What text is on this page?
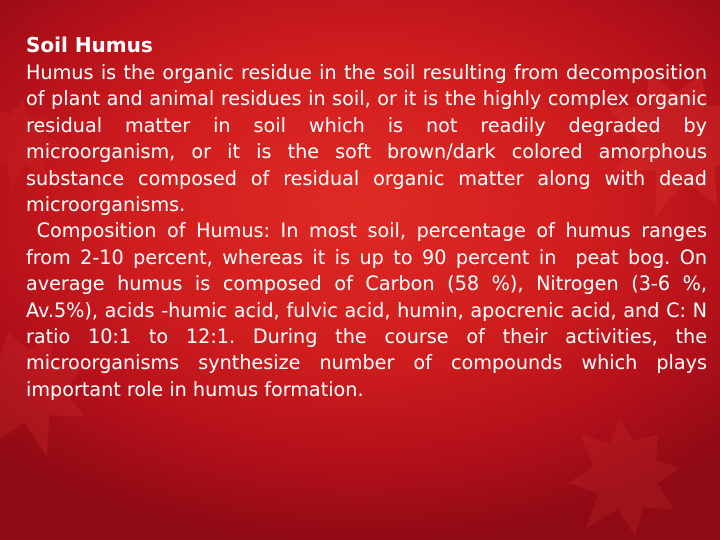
Soil Humus

Humus is the organic residue in the soil resulting from decomposition of plant and animal residues in soil, or it is the highly complex organic residual matter in soil which is not readily degraded by microorganism, or it is the soft brown/dark colored amorphous substance composed of residual organic matter along with dead microorganisms.

Composition of Humus: In most soil, percentage of humus ranges from 2-10 percent, whereas it is up to 90 percent in  peat bog. On average humus is composed of Carbon (58 %), Nitrogen (3-6 %, Av.5%), acids -humic acid, fulvic acid, humin, apocrenic acid, and C: N ratio 10:1 to 12:1. During the course of their activities, the microorganisms synthesize number of compounds which plays important role in humus formation.
